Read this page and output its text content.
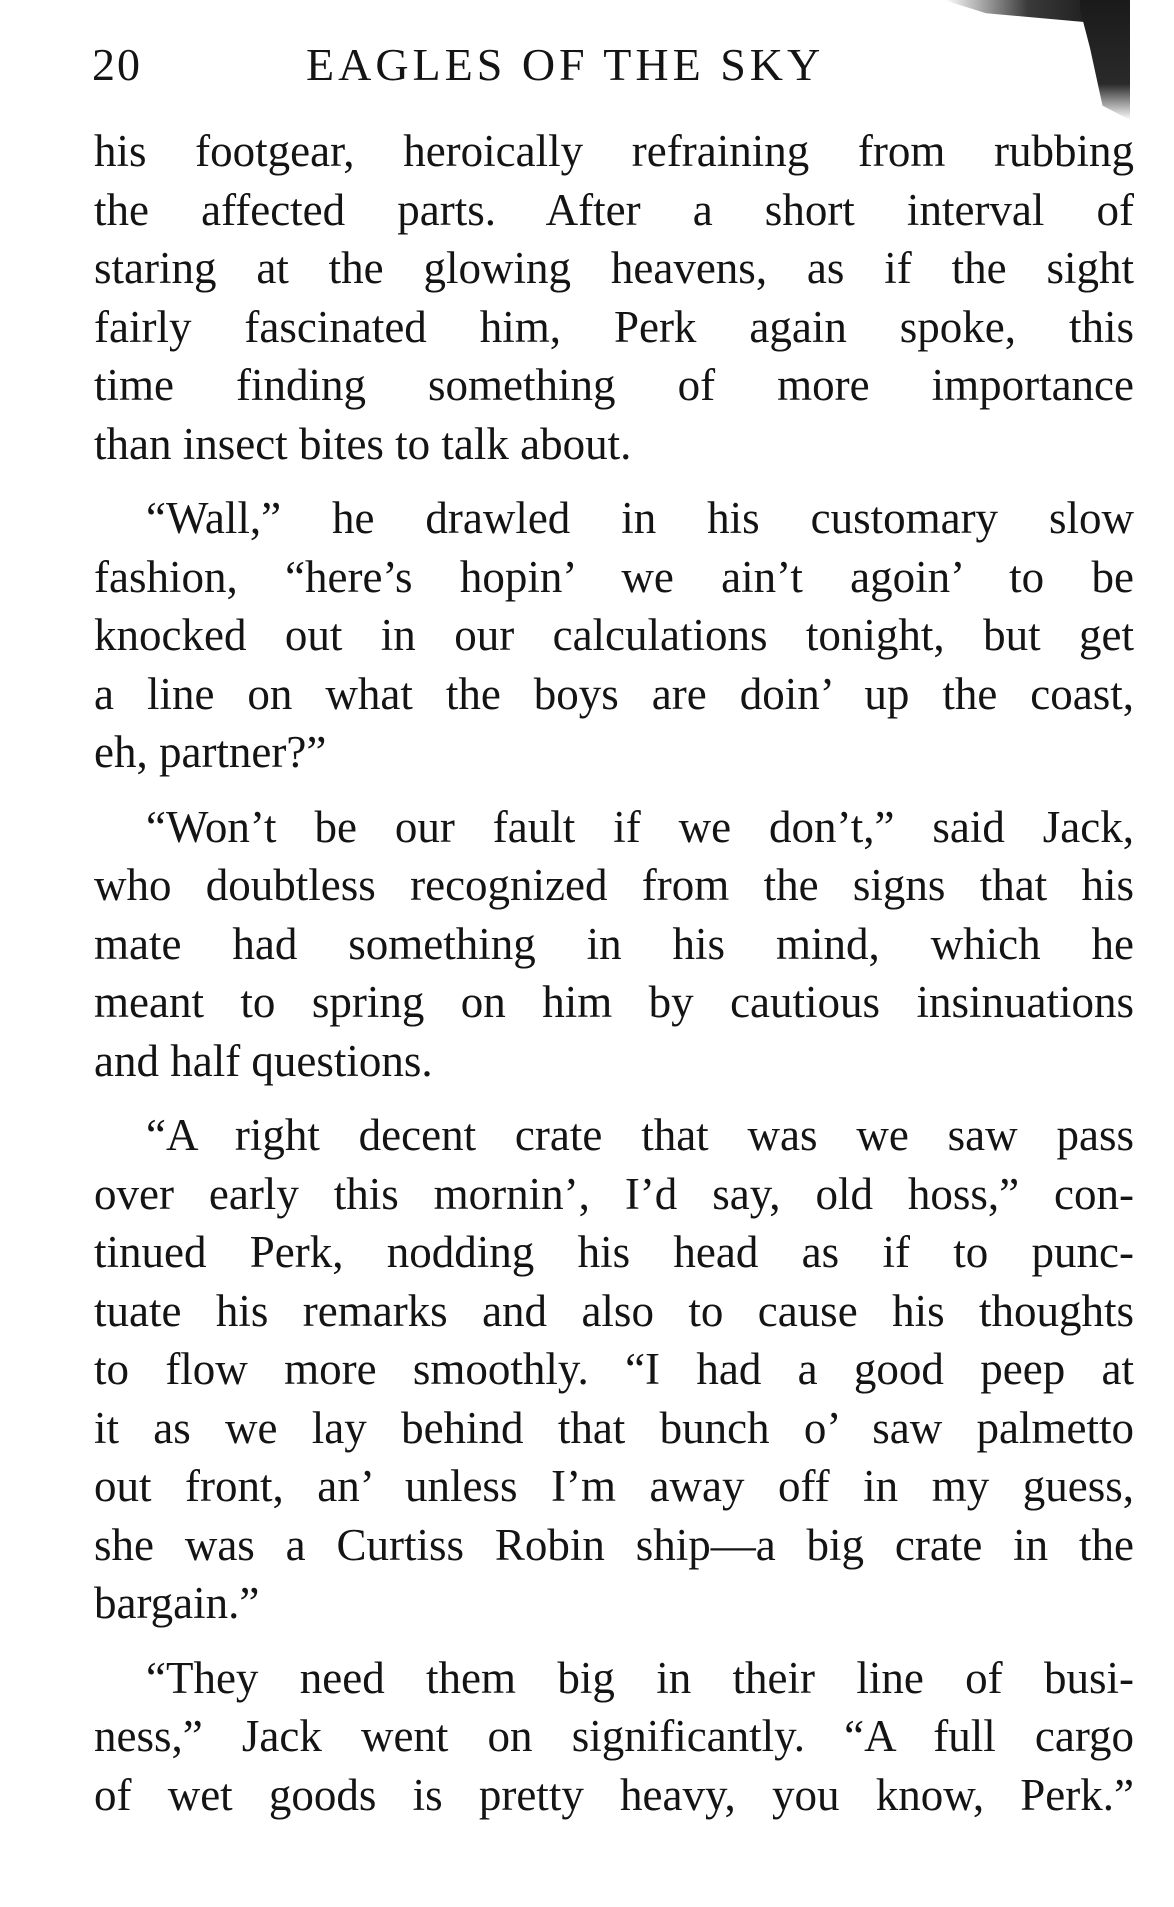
20	EAGLES OF THE SKY

his footgear, heroically refraining from rubbing
the affected parts. After a short interval of
staring at the glowing heavens, as if the sight
fairly fascinated him, Perk again spoke, this
time finding something of more importance
than insect bites to talk about.

“Wall,” he drawled in his customary slow
fashion, “here’s hopin’ we ain’t agoin’ to be
knocked out in our calculations tonight, but get
a line on what the boys are doin’ up the coast,
eh, partner?”

“Won’t be our fault if we don’t,” said Jack,
who doubtless recognized from the signs that his
mate had something in his mind, which he
meant to spring on him by cautious insinuations
and half questions.

“A right decent crate that was we saw pass
over early this mornin’, I’d say, old hoss,” con-
tinued Perk, nodding his head as if to punc-
tuate his remarks and also to cause his thoughts
to flow more smoothly. “I had a good peep at
it as we lay behind that bunch o’ saw palmetto
out front, an’ unless I’m away off in my guess,
she was a Curtiss Robin ship—a big crate in the
bargain.”

“They need them big in their line of busi-
ness,” Jack went on significantly. “A full cargo
of wet goods is pretty heavy, you know, Perk.”
